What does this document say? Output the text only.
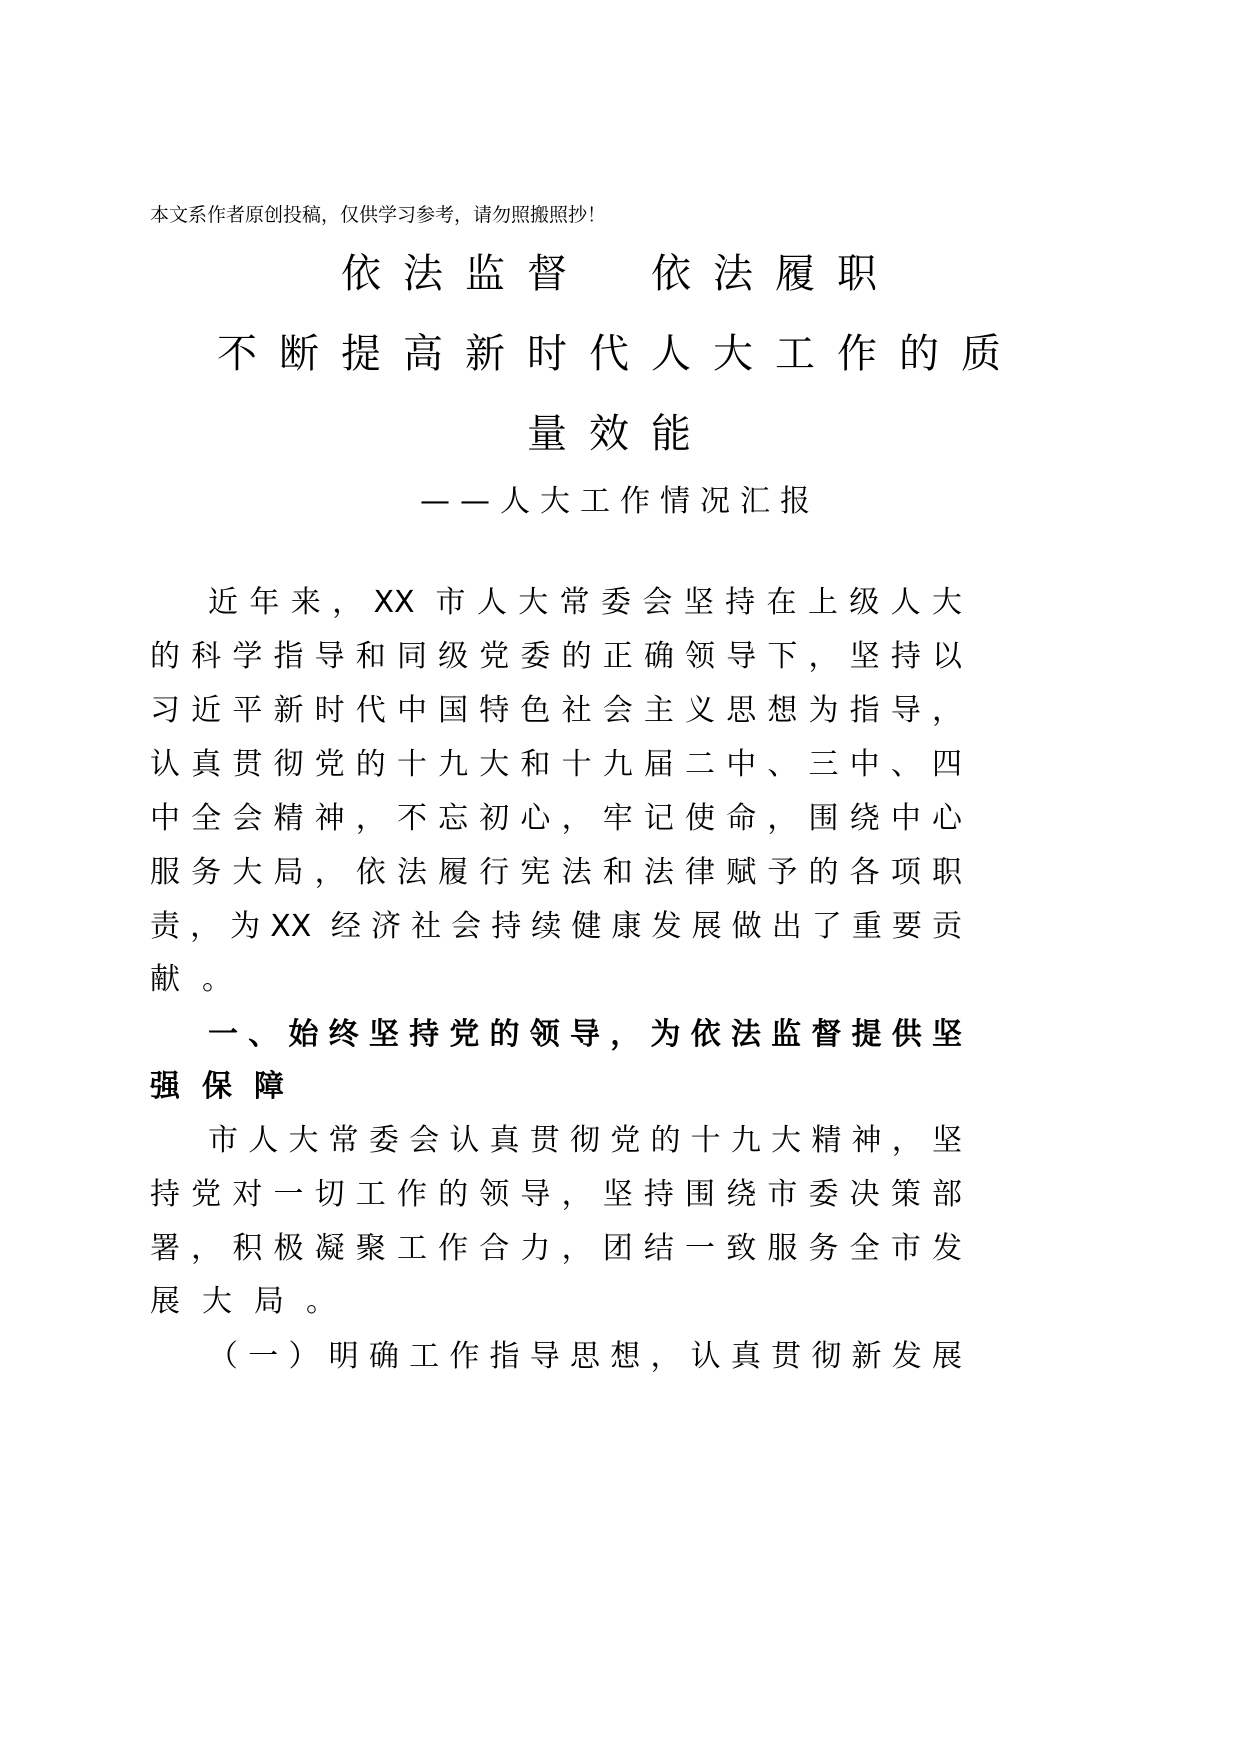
本文系作者原创投稿，仅供学习参考，请勿照搬照抄！
依法监督　依法履职
不断提高新时代人大工作的质
量效能
——人大工作情况汇报
近年来，XX 市人大常委会坚持在上级人大
的科学指导和同级党委的正确领导下，坚持以
习近平新时代中国特色社会主义思想为指导，
认真贯彻党的十九大和十九届二中、三中、四
中全会精神，不忘初心，牢记使命，围绕中心
服务大局，依法履行宪法和法律赋予的各项职
责，为XX 经济社会持续健康发展做出了重要贡
献。
一、始终坚持党的领导，为依法监督提供坚
强保障
市人大常委会认真贯彻党的十九大精神，坚
持党对一切工作的领导，坚持围绕市委决策部
署，积极凝聚工作合力，团结一致服务全市发
展大局。
（一）明确工作指导思想，认真贯彻新发展
